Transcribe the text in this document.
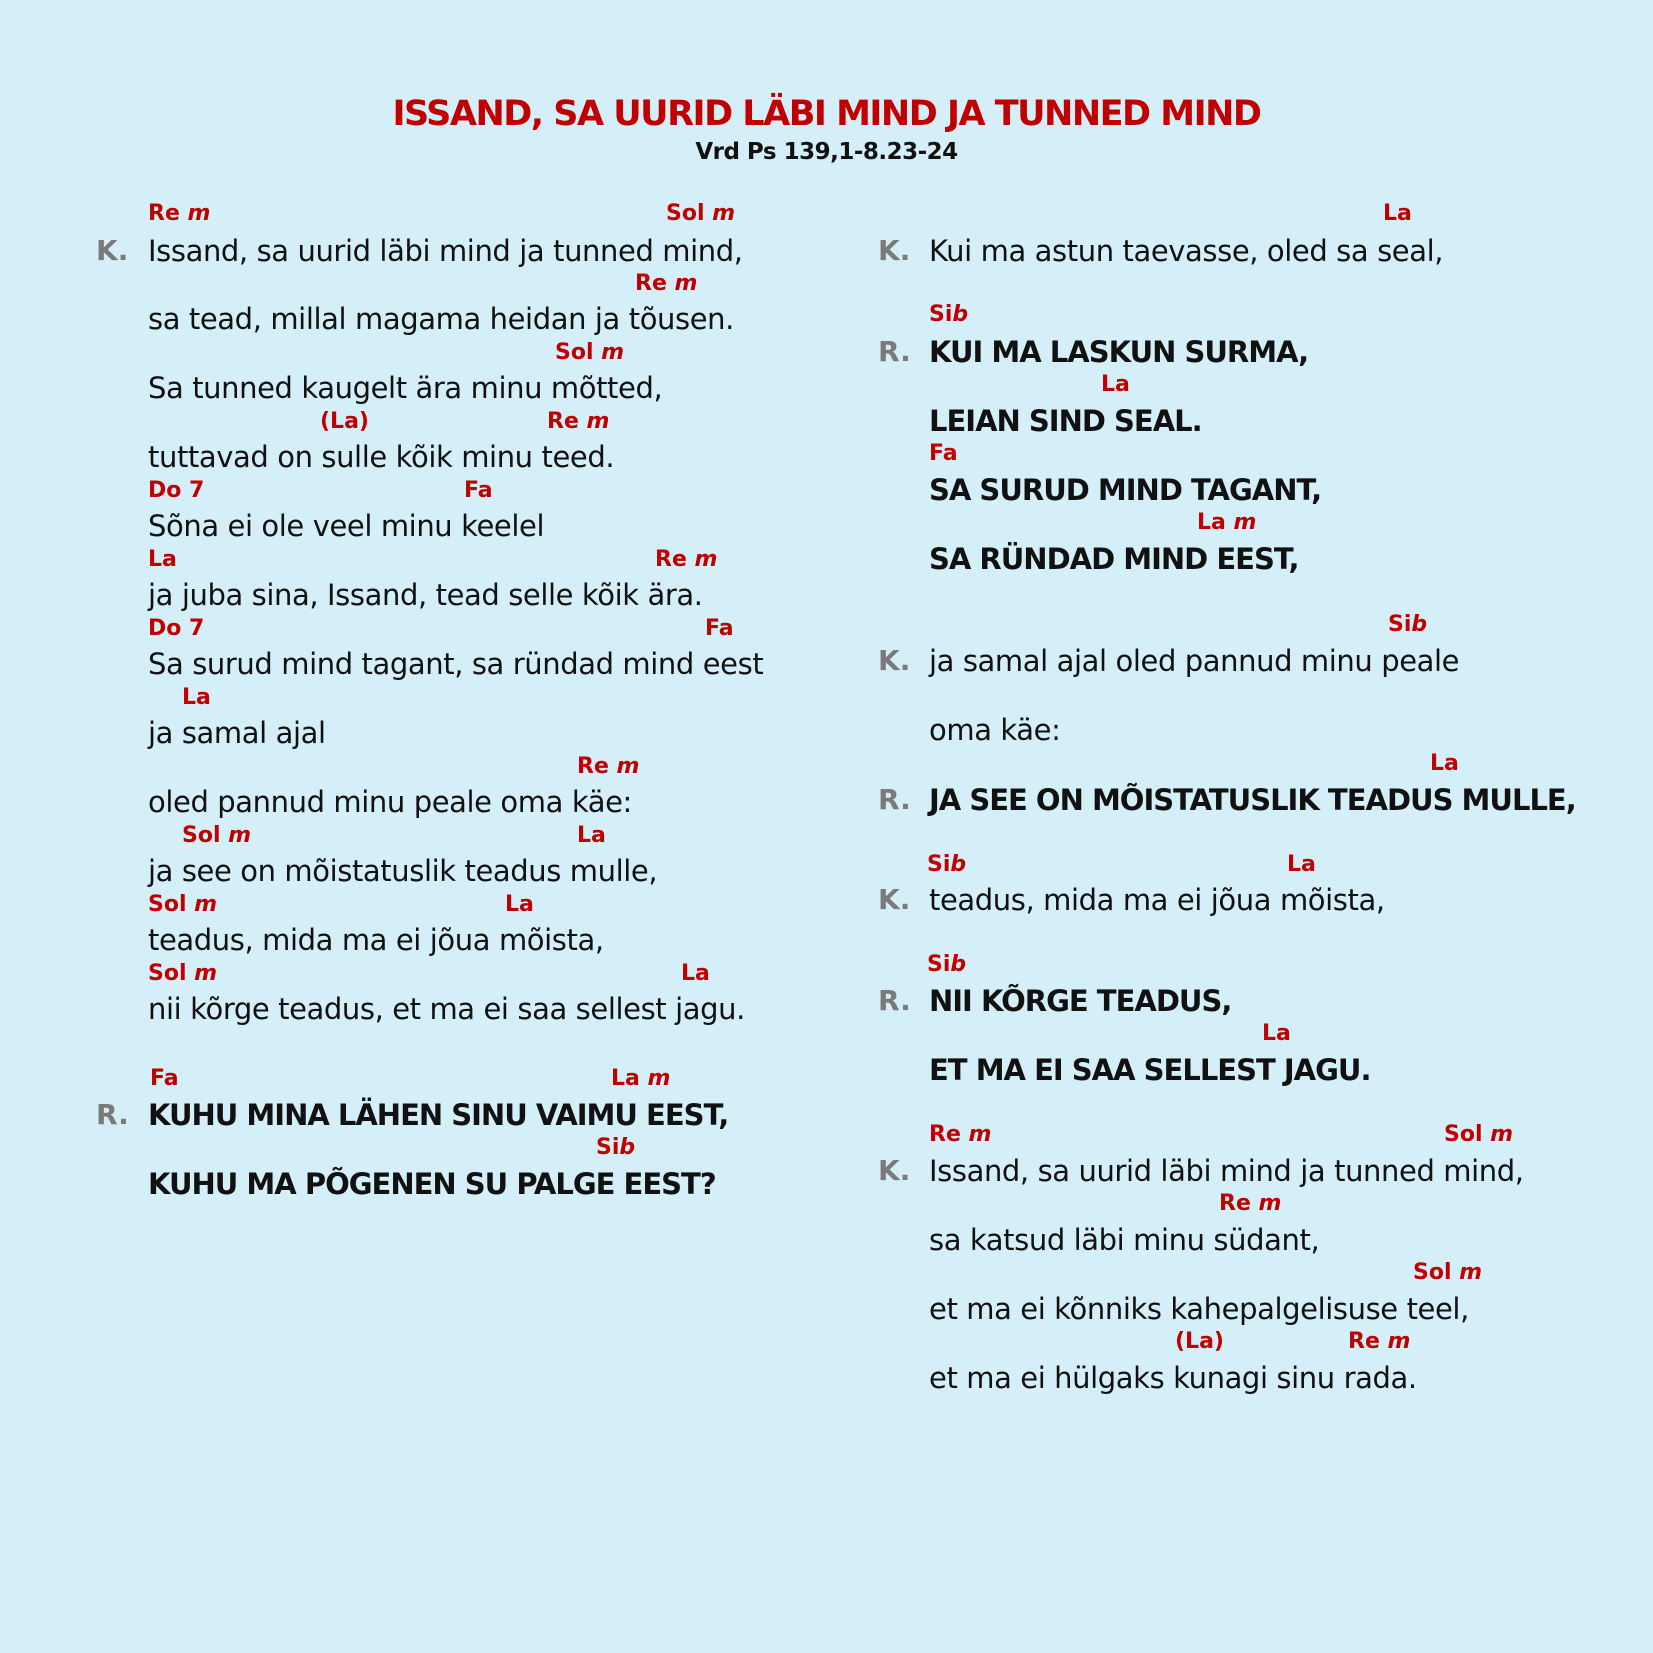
ISSAND, SA UURID LÄBI MIND JA TUNNED MIND
Vrd Ps 139,1-8.23-24
Re m	Sol m
K. Issand, sa uurid läbi mind ja tunned mind,
Re m
sa tead, millal magama heidan ja tõusen.
Sol m
Sa tunned kaugelt ära minu mõtted,
(La)	Re m
tuttavad on sulle kõik minu teed.
Do 7	Fa
Sõna ei ole veel minu keelel
La	Re m
ja juba sina, Issand, tead selle kõik ära.
Do 7	Fa
Sa surud mind tagant, sa ründad mind eest
La
ja samal ajal
Re m
oled pannud minu peale oma käe:
Sol m	La
ja see on mõistatuslik teadus mulle,
Sol m	La
teadus, mida ma ei jõua mõista,
Sol m	La
nii kõrge teadus, et ma ei saa sellest jagu.
Fa	La m
R. KUHU MINA LÄHEN SINU VAIMU EEST,
Sib
KUHU MA PÕGENEN SU PALGE EEST?
La
K. Kui ma astun taevasse, oled sa seal,
Sib
R. KUI MA LASKUN SURMA,
La
LEIAN SIND SEAL.
Fa
SA SURUD MIND TAGANT,
La m
SA RÜNDAD MIND EEST,
Sib
K. ja samal ajal oled pannud minu peale
oma käe:
La
R. JA SEE ON MÕISTATUSLIK TEADUS MULLE,
Sib	La
K. teadus, mida ma ei jõua mõista,
Sib
R. NII KÕRGE TEADUS,
La
ET MA EI SAA SELLEST JAGU.
Re m	Sol m
K. Issand, sa uurid läbi mind ja tunned mind,
Re m
sa katsud läbi minu südant,
Sol m
et ma ei kõnniks kahepalgelisuse teel,
(La)	Re m
et ma ei hülgaks kunagi sinu rada.
